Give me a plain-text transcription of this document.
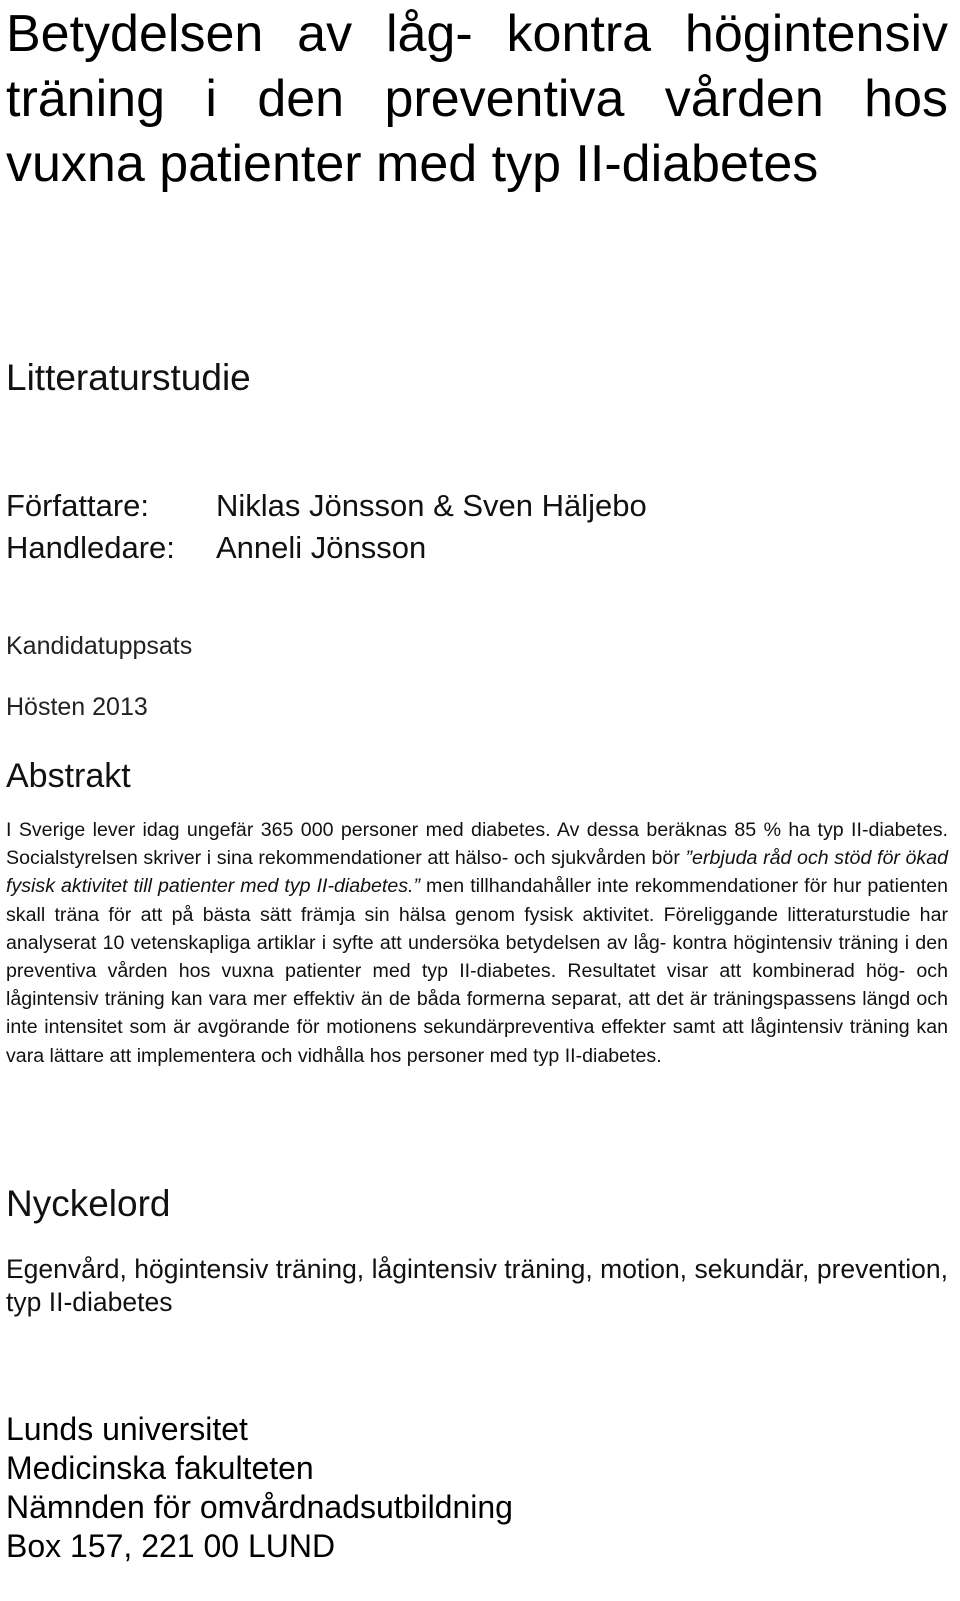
Betydelsen av låg- kontra högintensiv träning i den preventiva vården hos vuxna patienter med typ II-diabetes
Litteraturstudie
Författare:	Niklas Jönsson & Sven Häljebo
Handledare:	Anneli Jönsson
Kandidatuppsats
Hösten 2013
Abstrakt

I Sverige lever idag ungefär 365 000 personer med diabetes. Av dessa beräknas 85 % ha typ II-diabetes. Socialstyrelsen skriver i sina rekommendationer att hälso- och sjukvården bör ”erbjuda råd och stöd för ökad fysisk aktivitet till patienter med typ II-diabetes.” men tillhandahåller inte rekommendationer för hur patienten skall träna för att på bästa sätt främja sin hälsa genom fysisk aktivitet. Föreliggande litteraturstudie har analyserat 10 vetenskapliga artiklar i syfte att undersöka betydelsen av låg- kontra högintensiv träning i den preventiva vården hos vuxna patienter med typ II-diabetes. Resultatet visar att kombinerad hög- och lågintensiv träning kan vara mer effektiv än de båda formerna separat, att det är träningspassens längd och inte intensitet som är avgörande för motionens sekundärpreventiva effekter samt att lågintensiv träning kan vara lättare att implementera och vidhålla hos personer med typ II-diabetes.

Nyckelord

Egenvård, högintensiv träning, lågintensiv träning, motion, sekundär, prevention, typ II-diabetes

Lunds universitet
Medicinska fakulteten
Nämnden för omvårdnadsutbildning
Box 157, 221 00 LUND
